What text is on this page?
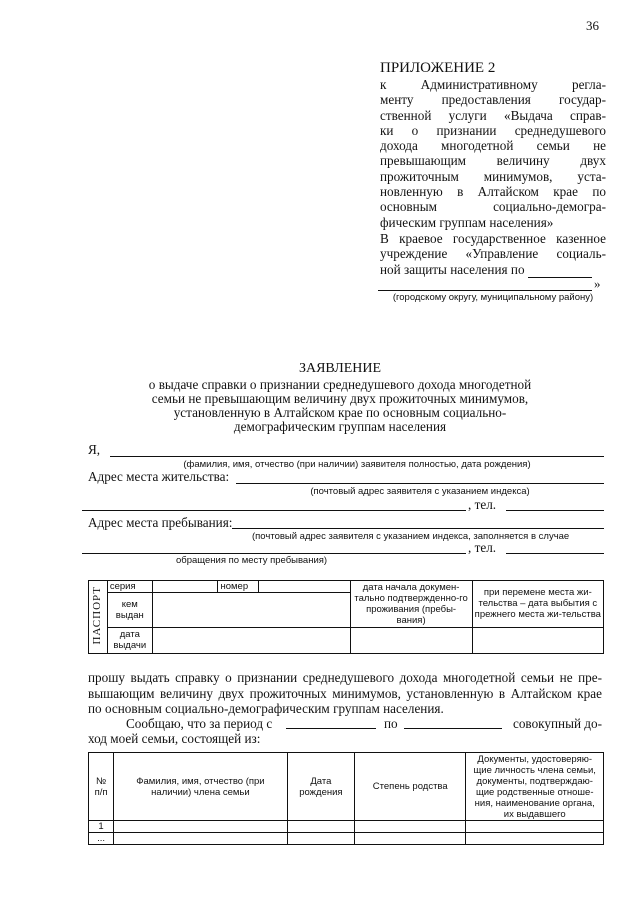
36
ПРИЛОЖЕНИЕ 2
к Административному регла-
менту предоставления государ-
ственной услуги «Выдача справ-
ки о признании среднедушевого
дохода многодетной семьи не
превышающим величину двух
прожиточным минимумов, уста-
новленную в Алтайском крае по
основным социально-демогра-
фическим группам населения»
В краевое государственное казенное
учреждение «Управление социаль-
ной защиты населения по
»
(городскому округу, муниципальному району)
ЗАЯВЛЕНИЕ
о выдаче справки о признании среднедушевого дохода многодетной
семьи не превышающим величину двух прожиточных минимумов,
установленную в Алтайском крае по основным социально-
демографическим группам населения
Я,
(фамилия, имя, отчество (при наличии) заявителя полностью, дата рождения)
Адрес места жительства:
(почтовый адрес заявителя с указанием индекса)
, тел.
Адрес места пребывания:
(почтовый адрес заявителя с указанием индекса, заполняется в случае
, тел.
обращения по месту пребывания)
ПАСПОРТ	серия		номер		дата начала докумен-тально подтвержденно-го проживания (пребы-вания)	при перемене места жи-тельства – дата выбытия с прежнего места жи-тельства
	кем выдан					
	дата выдачи					
прошу выдать справку о признании среднедушевого дохода многодетной семьи не пре-
вышающим величину двух прожиточных минимумов, установленную в Алтайском крае
по основным социально-демографическим группам населения.
Сообщаю, что за период с	по	совокупный до-
ход моей семьи, состоящей из:
№ п/п	Фамилия, имя, отчество (при наличии) члена семьи	Дата рождения	Степень родства	Документы, удостоверяю-щие личность члена семьи, документы, подтверждаю-щие родственные отноше-ния, наименование органа, их выдавшего
1				
...				
